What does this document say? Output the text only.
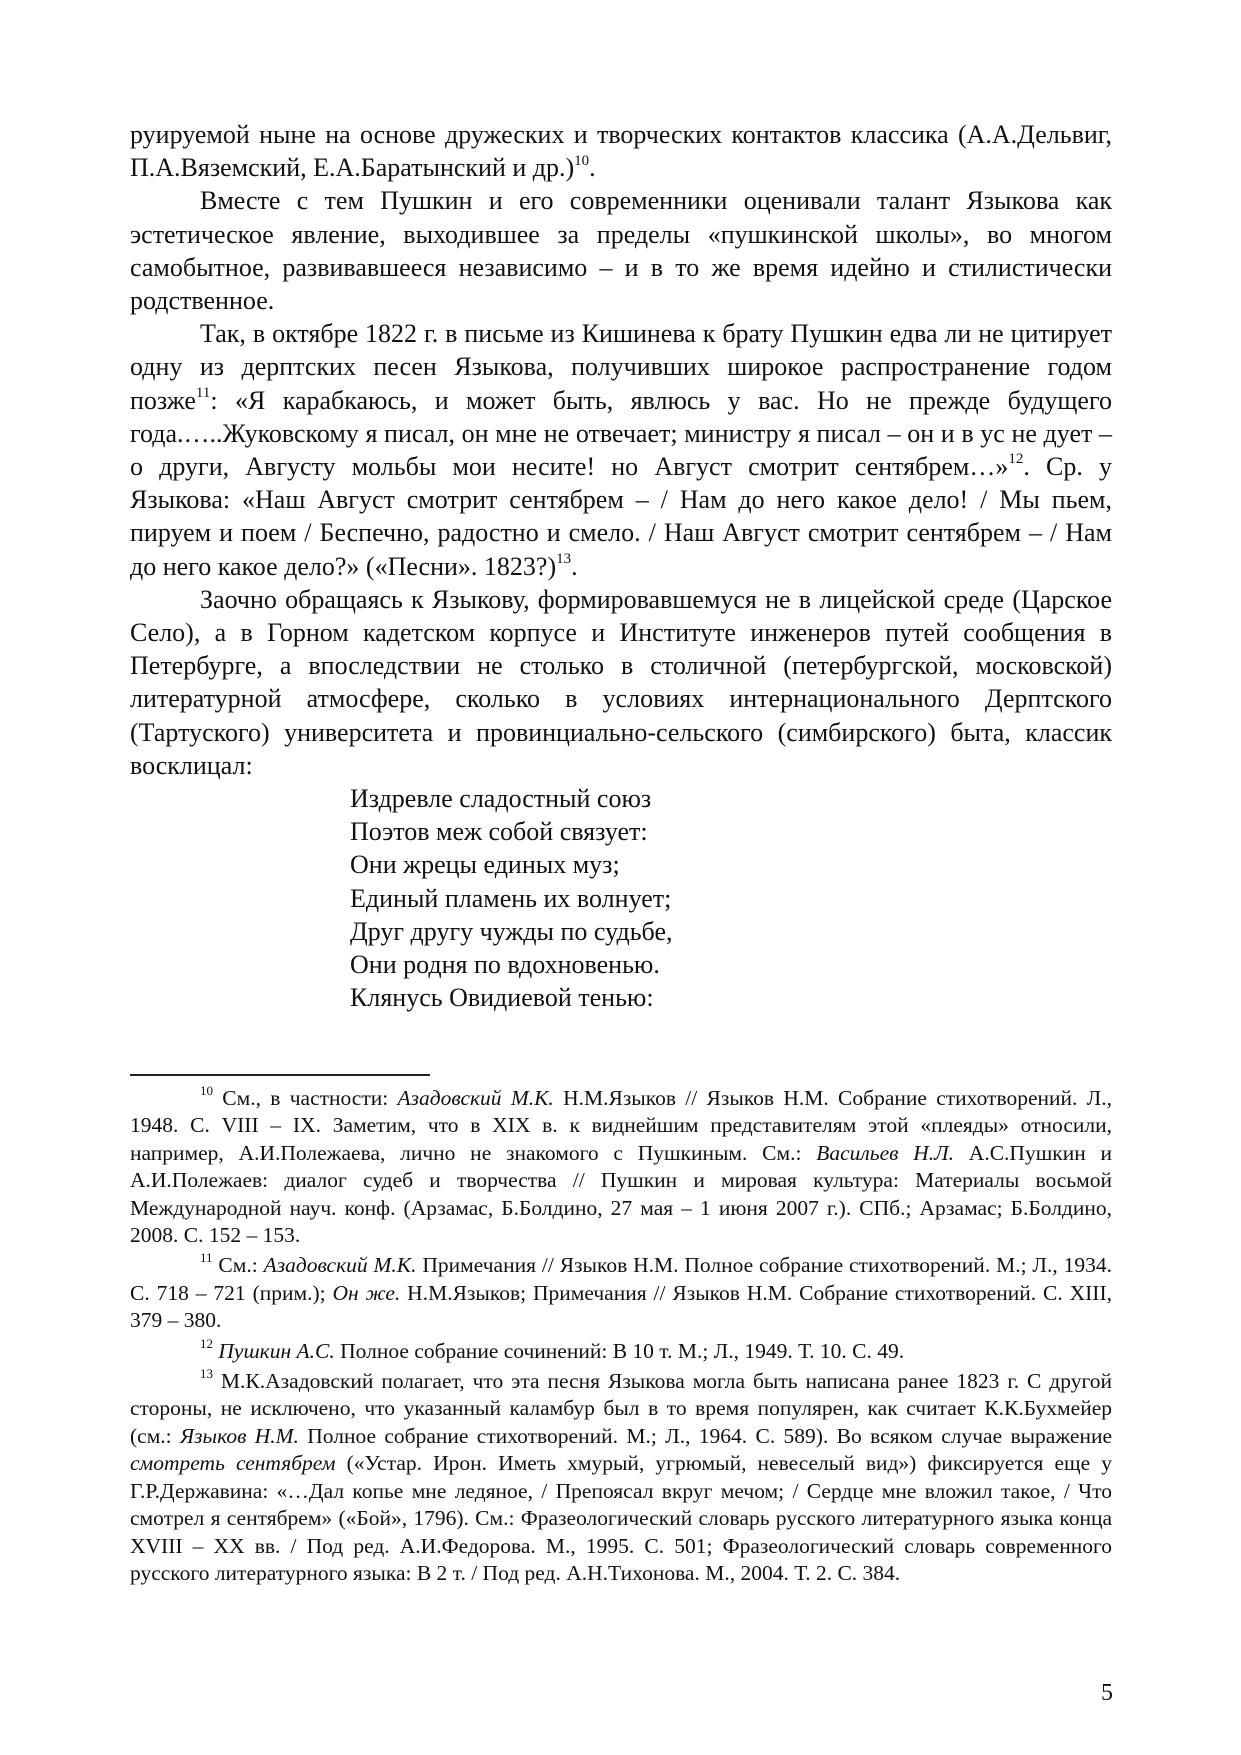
руируемой ныне на основе дружеских и творческих контактов классика (А.А.Дельвиг, П.А.Вяземский, Е.А.Баратынский и др.)$^{10}$.

Вместе с тем Пушкин и его современники оценивали талант Языкова как эстетическое явление, выходившее за пределы «пушкинской школы», во многом самобытное, развивавшееся независимо – и в то же время идейно и стилистически родственное.

Так, в октябре 1822 г. в письме из Кишинева к брату Пушкин едва ли не цитирует одну из дерптских песен Языкова, получивших широкое распространение годом позже$^{11}$: «Я карабкаюсь, и может быть, явлюсь у вас. Но не прежде будущего года.…..Жуковскому я писал, он мне не отвечает; министру я писал – он и в ус не дует – о други, Августу мольбы мои несите! но Август смотрит сентябрем…»$^{12}$. Ср. у Языкова: «Наш Август смотрит сентябрем – / Нам до него какое дело! / Мы пьем, пируем и поем / Беспечно, радостно и смело. / Наш Август смотрит сентябрем – / Нам до него какое дело?» («Песни». 1823?)$^{13}$.

Заочно обращаясь к Языкову, формировавшемуся не в лицейской среде (Царское Село), а в Горном кадетском корпусе и Институте инженеров путей сообщения в Петербурге, а впоследствии не столько в столичной (петербургской, московской) литературной атмосфере, сколько в условиях интернационального Дерптского (Тартуского) университета и провинциально-сельского (симбирского) быта, классик восклицал:

Издревле сладостный союз
Поэтов меж собой связует:
Они жрецы единых муз;
Единый пламень их волнует;
Друг другу чужды по судьбе,
Они родня по вдохновенью.
Клянусь Овидиевой тенью:

$^{10}$ См., в частности: Азадовский М.К. Н.М.Языков // Языков Н.М. Собрание стихотворений. Л., 1948. С. VIII – IX. Заметим, что в XIX в. к виднейшим представителям этой «плеяды» относили, например, А.И.Полежаева, лично не знакомого с Пушкиным. См.: Васильев Н.Л. А.С.Пушкин и А.И.Полежаев: диалог судеб и творчества // Пушкин и мировая культура: Материалы восьмой Международной науч. конф. (Арзамас, Б.Болдино, 27 мая – 1 июня 2007 г.). СПб.; Арзамас; Б.Болдино, 2008. С. 152 – 153.

$^{11}$ См.: Азадовский М.К. Примечания // Языков Н.М. Полное собрание стихотворений. М.; Л., 1934. С. 718 – 721 (прим.); Он же. Н.М.Языков; Примечания // Языков Н.М. Собрание стихотворений. С. XIII, 379 – 380.

$^{12}$ Пушкин А.С. Полное собрание сочинений: В 10 т. М.; Л., 1949. Т. 10. С. 49.

$^{13}$ М.К.Азадовский полагает, что эта песня Языкова могла быть написана ранее 1823 г. С другой стороны, не исключено, что указанный каламбур был в то время популярен, как считает К.К.Бухмейер (см.: Языков Н.М. Полное собрание стихотворений. М.; Л., 1964. С. 589). Во всяком случае выражение смотреть сентябрем («Устар. Ирон. Иметь хмурый, угрюмый, невеселый вид») фиксируется еще у Г.Р.Державина: «…Дал копье мне ледяное, / Препоясал вкруг мечом; / Сердце мне вложил такое, / Что смотрел я сентябрем» («Бой», 1796). См.: Фразеологический словарь русского литературного языка конца XVIII – XX вв. / Под ред. А.И.Федорова. М., 1995. С. 501; Фразеологический словарь современного русского литературного языка: В 2 т. / Под ред. А.Н.Тихонова. М., 2004. Т. 2. С. 384.

5
